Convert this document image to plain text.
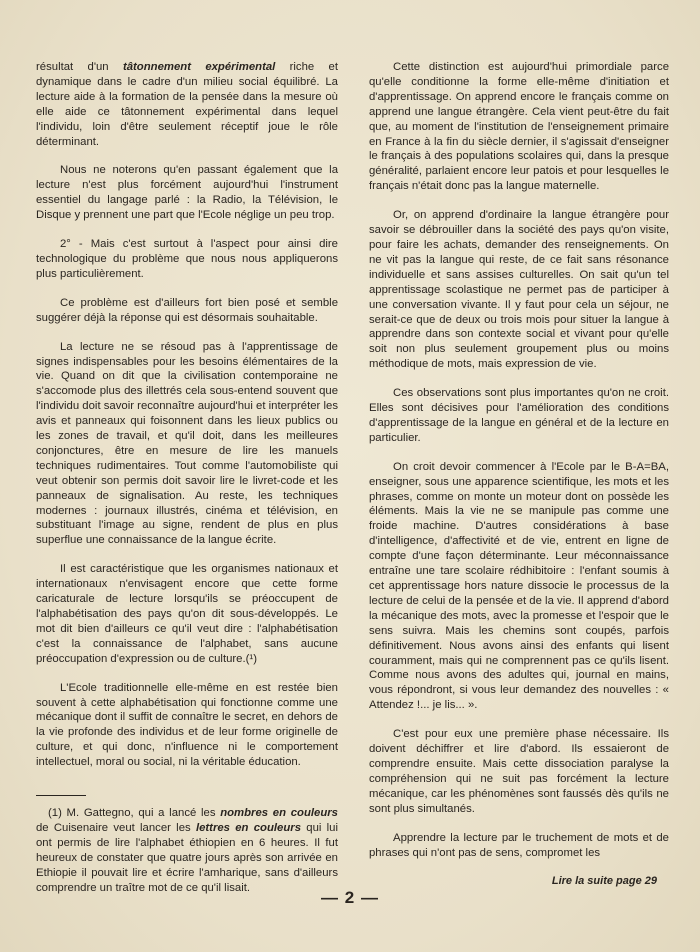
résultat d'un tâtonnement expérimental riche et dynamique dans le cadre d'un milieu social équilibré. La lecture aide à la formation de la pensée dans la mesure où elle aide ce tâtonnement expérimental dans lequel l'individu, loin d'être seulement réceptif joue le rôle déterminant.

Nous ne noterons qu'en passant également que la lecture n'est plus forcément aujourd'hui l'instrument essentiel du langage parlé : la Radio, la Télévision, le Disque y prennent une part que l'Ecole néglige un peu trop.

2° - Mais c'est surtout à l'aspect pour ainsi dire technologique du problème que nous nous appliquerons plus particulièrement.

Ce problème est d'ailleurs fort bien posé et semble suggérer déjà la réponse qui est désormais souhaitable.

La lecture ne se résoud pas à l'apprentissage de signes indispensables pour les besoins élémentaires de la vie. Quand on dit que la civilisation contemporaine ne s'accomode plus des illettrés cela sous-entend souvent que l'individu doit savoir reconnaître aujourd'hui et interpréter les avis et panneaux qui foisonnent dans les lieux publics ou les zones de travail, et qu'il doit, dans les meilleures conjonctures, être en mesure de lire les manuels techniques rudimentaires. Tout comme l'automobiliste qui veut obtenir son permis doit savoir lire le livret-code et les panneaux de signalisation. Au reste, les techniques modernes : journaux illustrés, cinéma et télévision, en substituant l'image au signe, rendent de plus en plus superflue une connaissance de la langue écrite.

Il est caractéristique que les organismes nationaux et internationaux n'envisagent encore que cette forme caricaturale de lecture lorsqu'ils se préoccupent de l'alphabétisation des pays qu'on dit sous-développés. Le mot dit bien d'ailleurs ce qu'il veut dire : l'alphabétisation c'est la connaissance de l'alphabet, sans aucune préoccupation d'expression ou de culture.(¹)

L'Ecole traditionnelle elle-même en est restée bien souvent à cette alphabétisation qui fonctionne comme une mécanique dont il suffit de connaître le secret, en dehors de la vie profonde des individus et de leur forme originelle de culture, et qui donc, n'influence ni le comportement intellectuel, moral ou social, ni la véritable éducation.

(1) M. Gattegno, qui a lancé les nombres en couleurs de Cuisenaire veut lancer les lettres en couleurs qui lui ont permis de lire l'alphabet éthiopien en 6 heures. Il fut heureux de constater que quatre jours après son arrivée en Ethiopie il pouvait lire et écrire l'amharique, sans d'ailleurs comprendre un traître mot de ce qu'il lisait.

Cette distinction est aujourd'hui primordiale parce qu'elle conditionne la forme elle-même d'initiation et d'apprentissage. On apprend encore le français comme on apprend une langue étrangère. Cela vient peut-être du fait que, au moment de l'institution de l'enseignement primaire en France à la fin du siècle dernier, il s'agissait d'enseigner le français à des populations scolaires qui, dans la presque généralité, parlaient encore leur patois et pour lesquelles le français n'était donc pas la langue maternelle.

Or, on apprend d'ordinaire la langue étrangère pour savoir se débrouiller dans la société des pays qu'on visite, pour faire les achats, demander des renseignements. On ne vit pas la langue qui reste, de ce fait sans résonance individuelle et sans assises culturelles. On sait qu'un tel apprentissage scolastique ne permet pas de participer à une conversation vivante. Il y faut pour cela un séjour, ne serait-ce que de deux ou trois mois pour situer la langue à apprendre dans son contexte social et vivant pour qu'elle soit non plus seulement groupement plus ou moins méthodique de mots, mais expression de vie.

Ces observations sont plus importantes qu'on ne croit. Elles sont décisives pour l'amélioration des conditions d'apprentissage de la langue en général et de la lecture en particulier.

On croit devoir commencer à l'Ecole par le B-A=BA, enseigner, sous une apparence scientifique, les mots et les phrases, comme on monte un moteur dont on possède les éléments. Mais la vie ne se manipule pas comme une froide machine. D'autres considérations à base d'intelligence, d'affectivité et de vie, entrent en ligne de compte d'une façon déterminante. Leur méconnaissance entraîne une tare scolaire rédhibitoire : l'enfant soumis à cet apprentissage hors nature dissocie le processus de la lecture de celui de la pensée et de la vie. Il apprend d'abord la mécanique des mots, avec la promesse et l'espoir que le sens suivra. Mais les chemins sont coupés, parfois définitivement. Nous avons ainsi des enfants qui lisent couramment, mais qui ne comprennent pas ce qu'ils lisent. Comme nous avons des adultes qui, journal en mains, vous répondront, si vous leur demandez des nouvelles : « Attendez !... je lis... ».

C'est pour eux une première phase nécessaire. Ils doivent déchiffrer et lire d'abord. Ils essaieront de comprendre ensuite. Mais cette dissociation paralyse la compréhension qui ne suit pas forcément la lecture mécanique, car les phénomènes sont faussés dès qu'ils ne sont plus simultanés.

Apprendre la lecture par le truchement de mots et de phrases qui n'ont pas de sens, compromet les

Lire la suite page 29

— 2 —
